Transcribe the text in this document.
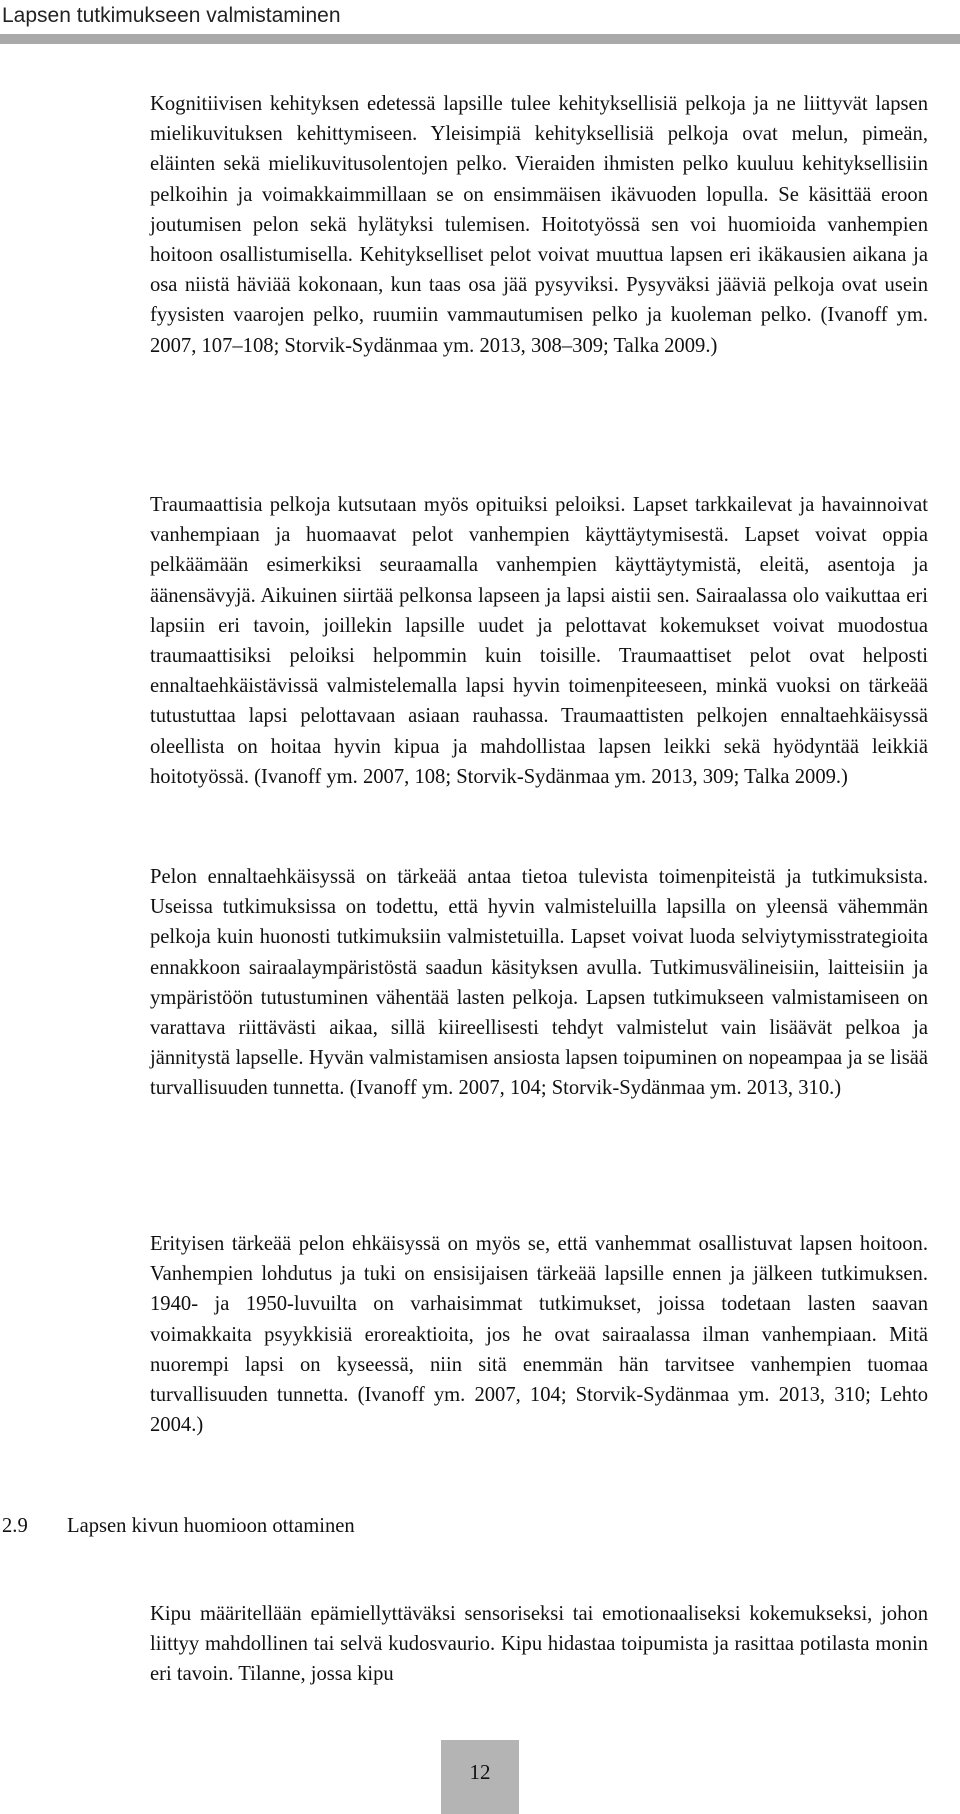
Lapsen tutkimukseen valmistaminen

Kognitiivisen kehityksen edetessä lapsille tulee kehityksellisiä pelkoja ja ne liittyvät lapsen mielikuvituksen kehittymiseen. Yleisimpiä kehityksellisiä pelkoja ovat melun, pimeän, eläinten sekä mielikuvitusolentojen pelko. Vieraiden ihmisten pelko kuuluu kehityksellisiin pelkoihin ja voimakkaimmillaan se on ensimmäisen ikävuoden lopulla. Se käsittää eroon joutumisen pelon sekä hylätyksi tulemisen. Hoitotyössä sen voi huomioida vanhempien hoitoon osallistumisella. Kehitykselliset pelot voivat muuttua lapsen eri ikäkausien aikana ja osa niistä häviää kokonaan, kun taas osa jää pysyviksi. Pysyväksi jääviä pelkoja ovat usein fyysisten vaarojen pelko, ruumiin vammautumisen pelko ja kuoleman pelko. (Ivanoff ym. 2007, 107–108; Storvik-Sydänmaa ym. 2013, 308–309; Talka 2009.)

Traumaattisia pelkoja kutsutaan myös opituiksi peloiksi. Lapset tarkkailevat ja havainnoivat vanhempiaan ja huomaavat pelot vanhempien käyttäytymisestä. Lapset voivat oppia pelkäämään esimerkiksi seuraamalla vanhempien käyttäytymistä, eleitä, asentoja ja äänensävyjä. Aikuinen siirtää pelkonsa lapseen ja lapsi aistii sen. Sairaalassa olo vaikuttaa eri lapsiin eri tavoin, joillekin lapsille uudet ja pelottavat kokemukset voivat muodostua traumaattisiksi peloiksi helpommin kuin toisille. Traumaattiset pelot ovat helposti ennaltaehkäistävissä valmistelemalla lapsi hyvin toimenpiteeseen, minkä vuoksi on tärkeää tutustuttaa lapsi pelottavaan asiaan rauhassa. Traumaattisten pelkojen ennaltaehkäisyssä oleellista on hoitaa hyvin kipua ja mahdollistaa lapsen leikki sekä hyödyntää leikkiä hoitotyössä. (Ivanoff ym. 2007, 108; Storvik-Sydänmaa ym. 2013, 309; Talka 2009.)

Pelon ennaltaehkäisyssä on tärkeää antaa tietoa tulevista toimenpiteistä ja tutkimuksista. Useissa tutkimuksissa on todettu, että hyvin valmisteluilla lapsilla on yleensä vähemmän pelkoja kuin huonosti tutkimuksiin valmistetuilla. Lapset voivat luoda selviytymisstrategioita ennakkoon sairaalaympäristöstä saadun käsityksen avulla. Tutkimusvälineisiin, laitteisiin ja ympäristöön tutustuminen vähentää lasten pelkoja. Lapsen tutkimukseen valmistamiseen on varattava riittävästi aikaa, sillä kiireellisesti tehdyt valmistelut vain lisäävät pelkoa ja jännitystä lapselle. Hyvän valmistamisen ansiosta lapsen toipuminen on nopeampaa ja se lisää turvallisuuden tunnetta. (Ivanoff ym. 2007, 104; Storvik-Sydänmaa ym. 2013, 310.)

Erityisen tärkeää pelon ehkäisyssä on myös se, että vanhemmat osallistuvat lapsen hoitoon. Vanhempien lohdutus ja tuki on ensisijaisen tärkeää lapsille ennen ja jälkeen tutkimuksen. 1940- ja 1950-luvuilta on varhaisimmat tutkimukset, joissa todetaan lasten saavan voimakkaita psyykkisiä eroreaktioita, jos he ovat sairaalassa ilman vanhempiaan. Mitä nuorempi lapsi on kyseessä, niin sitä enemmän hän tarvitsee vanhempien tuomaa turvallisuuden tunnetta. (Ivanoff ym. 2007, 104; Storvik-Sydänmaa ym. 2013, 310; Lehto 2004.)

2.9 Lapsen kivun huomioon ottaminen

Kipu määritellään epämiellyttäväksi sensoriseksi tai emotionaaliseksi kokemukseksi, johon liittyy mahdollinen tai selvä kudosvaurio. Kipu hidastaa toipumista ja rasittaa potilasta monin eri tavoin. Tilanne, jossa kipu

12
